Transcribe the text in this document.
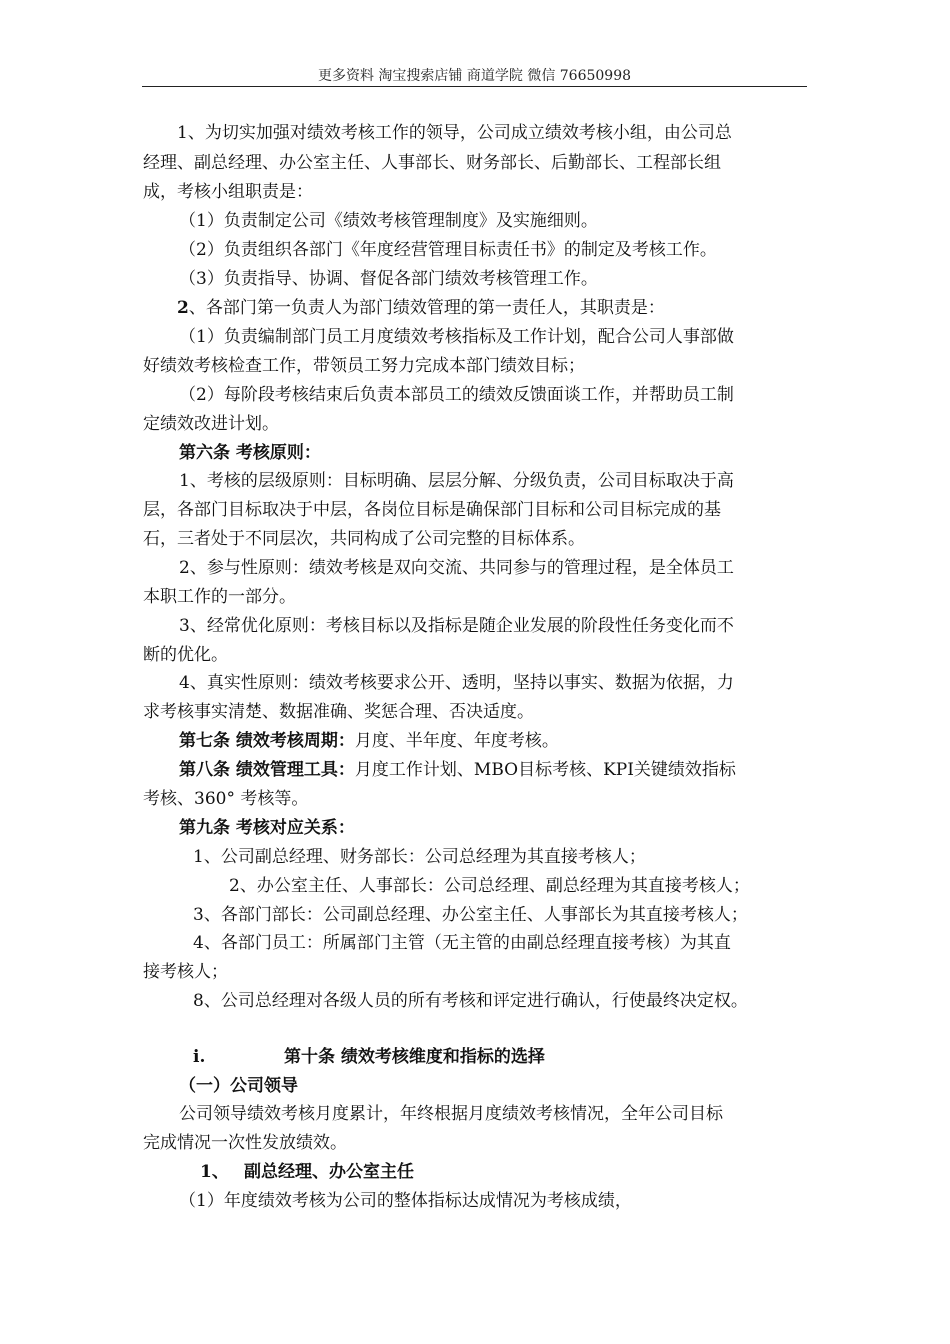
更多资料 淘宝搜索店铺 商道学院 微信 76650998
1、为切实加强对绩效考核工作的领导，公司成立绩效考核小组，由公司总
经理、副总经理、办公室主任、人事部长、财务部长、后勤部长、工程部长组
成，考核小组职责是：
（1）负责制定公司《绩效考核管理制度》及实施细则。
（2）负责组织各部门《年度经营管理目标责任书》的制定及考核工作。
（3）负责指导、协调、督促各部门绩效考核管理工作。
2、各部门第一负责人为部门绩效管理的第一责任人，其职责是：
（1）负责编制部门员工月度绩效考核指标及工作计划，配合公司人事部做
好绩效考核检查工作，带领员工努力完成本部门绩效目标；
（2）每阶段考核结束后负责本部员工的绩效反馈面谈工作，并帮助员工制
定绩效改进计划。
第六条 考核原则：
1、考核的层级原则：目标明确、层层分解、分级负责，公司目标取决于高
层，各部门目标取决于中层，各岗位目标是确保部门目标和公司目标完成的基
石，三者处于不同层次，共同构成了公司完整的目标体系。
2、参与性原则：绩效考核是双向交流、共同参与的管理过程，是全体员工
本职工作的一部分。
3、经常优化原则：考核目标以及指标是随企业发展的阶段性任务变化而不
断的优化。
4、真实性原则：绩效考核要求公开、透明，坚持以事实、数据为依据，力
求考核事实清楚、数据准确、奖惩合理、否决适度。
第七条 绩效考核周期：月度、半年度、年度考核。
第八条 绩效管理工具：月度工作计划、MBO目标考核、KPI关键绩效指标
考核、360° 考核等。
第九条 考核对应关系：
1、公司副总经理、财务部长：公司总经理为其直接考核人；
2、办公室主任、人事部长：公司总经理、副总经理为其直接考核人；
3、各部门部长：公司副总经理、办公室主任、人事部长为其直接考核人；
4、各部门员工：所属部门主管（无主管的由副总经理直接考核）为其直
接考核人；
8、公司总经理对各级人员的所有考核和评定进行确认，行使最终决定权。
i.	第十条 绩效考核维度和指标的选择
（一）公司领导
公司领导绩效考核月度累计，年终根据月度绩效考核情况，全年公司目标
完成情况一次性发放绩效。
1、 副总经理、办公室主任
（1）年度绩效考核为公司的整体指标达成情况为考核成绩，
